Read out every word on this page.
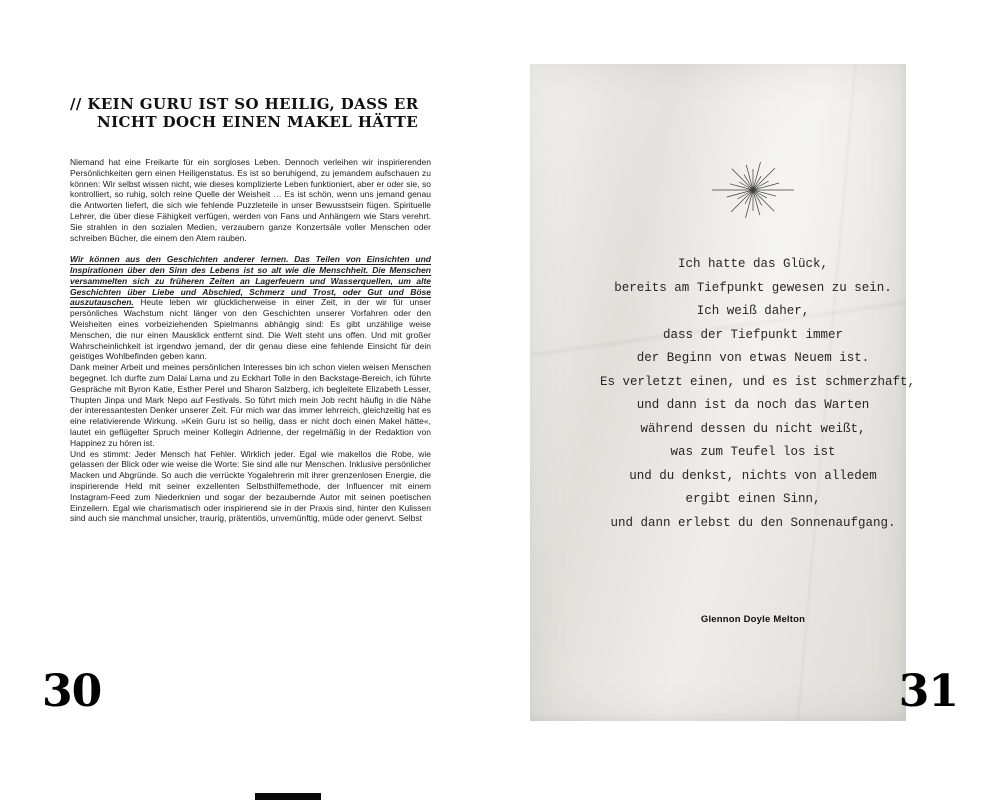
// KEIN GURU IST SO HEILIG, DASS ER
NICHT DOCH EINEN MAKEL HÄTTE

Niemand hat eine Freikarte für ein sorgloses Leben. Dennoch verleihen wir inspirierenden Persönlichkeiten gern einen Heiligenstatus. Es ist so beruhigend, zu jemandem aufschauen zu können: Wir selbst wissen nicht, wie dieses komplizierte Leben funktioniert, aber er oder sie, so kontrolliert, so ruhig, solch reine Quelle der Weisheit … Es ist schön, wenn uns jemand genau die Antworten liefert, die sich wie fehlende Puzzleteile in unser Bewusstsein fügen. Spirituelle Lehrer, die über diese Fähigkeit verfügen, werden von Fans und Anhängern wie Stars verehrt. Sie strahlen in den sozialen Medien, verzaubern ganze Konzertsäle voller Menschen oder schreiben Bücher, die einem den Atem rauben.

Wir können aus den Geschichten anderer lernen. Das Teilen von Einsichten und Inspirationen über den Sinn des Lebens ist so alt wie die Menschheit. Die Menschen versammelten sich zu früheren Zeiten an Lagerfeuern und Wasserquellen, um alte Geschichten über Liebe und Abschied, Schmerz und Trost, oder Gut und Böse auszutauschen. Heute leben wir glücklicherweise in einer Zeit, in der wir für unser persönliches Wachstum nicht länger von den Geschichten unserer Vorfahren oder den Weisheiten eines vorbeiziehenden Spielmanns abhängig sind: Es gibt unzählige weise Menschen, die nur einen Mausklick entfernt sind. Die Welt steht uns offen. Und mit großer Wahrscheinlichkeit ist irgendwo jemand, der dir genau diese eine fehlende Einsicht für dein geistiges Wohlbefinden geben kann.

Dank meiner Arbeit und meines persönlichen Interesses bin ich schon vielen weisen Menschen begegnet. Ich durfte zum Dalai Lama und zu Eckhart Tolle in den Backstage-Bereich, ich führte Gespräche mit Byron Katie, Esther Perel und Sharon Salzberg, ich begleitete Elizabeth Lesser, Thupten Jinpa und Mark Nepo auf Festivals. So führt mich mein Job recht häufig in die Nähe der interessantesten Denker unserer Zeit. Für mich war das immer lehrreich, gleichzeitig hat es eine relativierende Wirkung. »Kein Guru ist so heilig, dass er nicht doch einen Makel hätte«, lautet ein geflügelter Spruch meiner Kollegin Adrienne, der regelmäßig in der Redaktion von Happinez zu hören ist.

Und es stimmt: Jeder Mensch hat Fehler. Wirklich jeder. Egal wie makellos die Robe, wie gelassen der Blick oder wie weise die Worte: Sie sind alle nur Menschen. Inklusive persönlicher Macken und Abgründe. So auch die verrückte Yogalehrerin mit ihrer grenzenlosen Energie, die inspirierende Held mit seiner exzellenten Selbsthilfemethode, der Influencer mit einem Instagram-Feed zum Niederknien und sogar der bezaubernde Autor mit seinen poetischen Einzeilern. Egal wie charismatisch oder inspirierend sie in der Praxis sind, hinter den Kulissen sind auch sie manchmal unsicher, traurig, prätentiös, unvernünftig, müde oder genervt. Selbst

30
Ich hatte das Glück,
bereits am Tiefpunkt gewesen zu sein.
Ich weiß daher,
dass der Tiefpunkt immer
der Beginn von etwas Neuem ist.
Es verletzt einen, und es ist schmerzhaft,
und dann ist da noch das Warten
während dessen du nicht weißt,
was zum Teufel los ist
und du denkst, nichts von alledem
ergibt einen Sinn,
und dann erlebst du den Sonnenaufgang.
Glennon Doyle Melton
31
